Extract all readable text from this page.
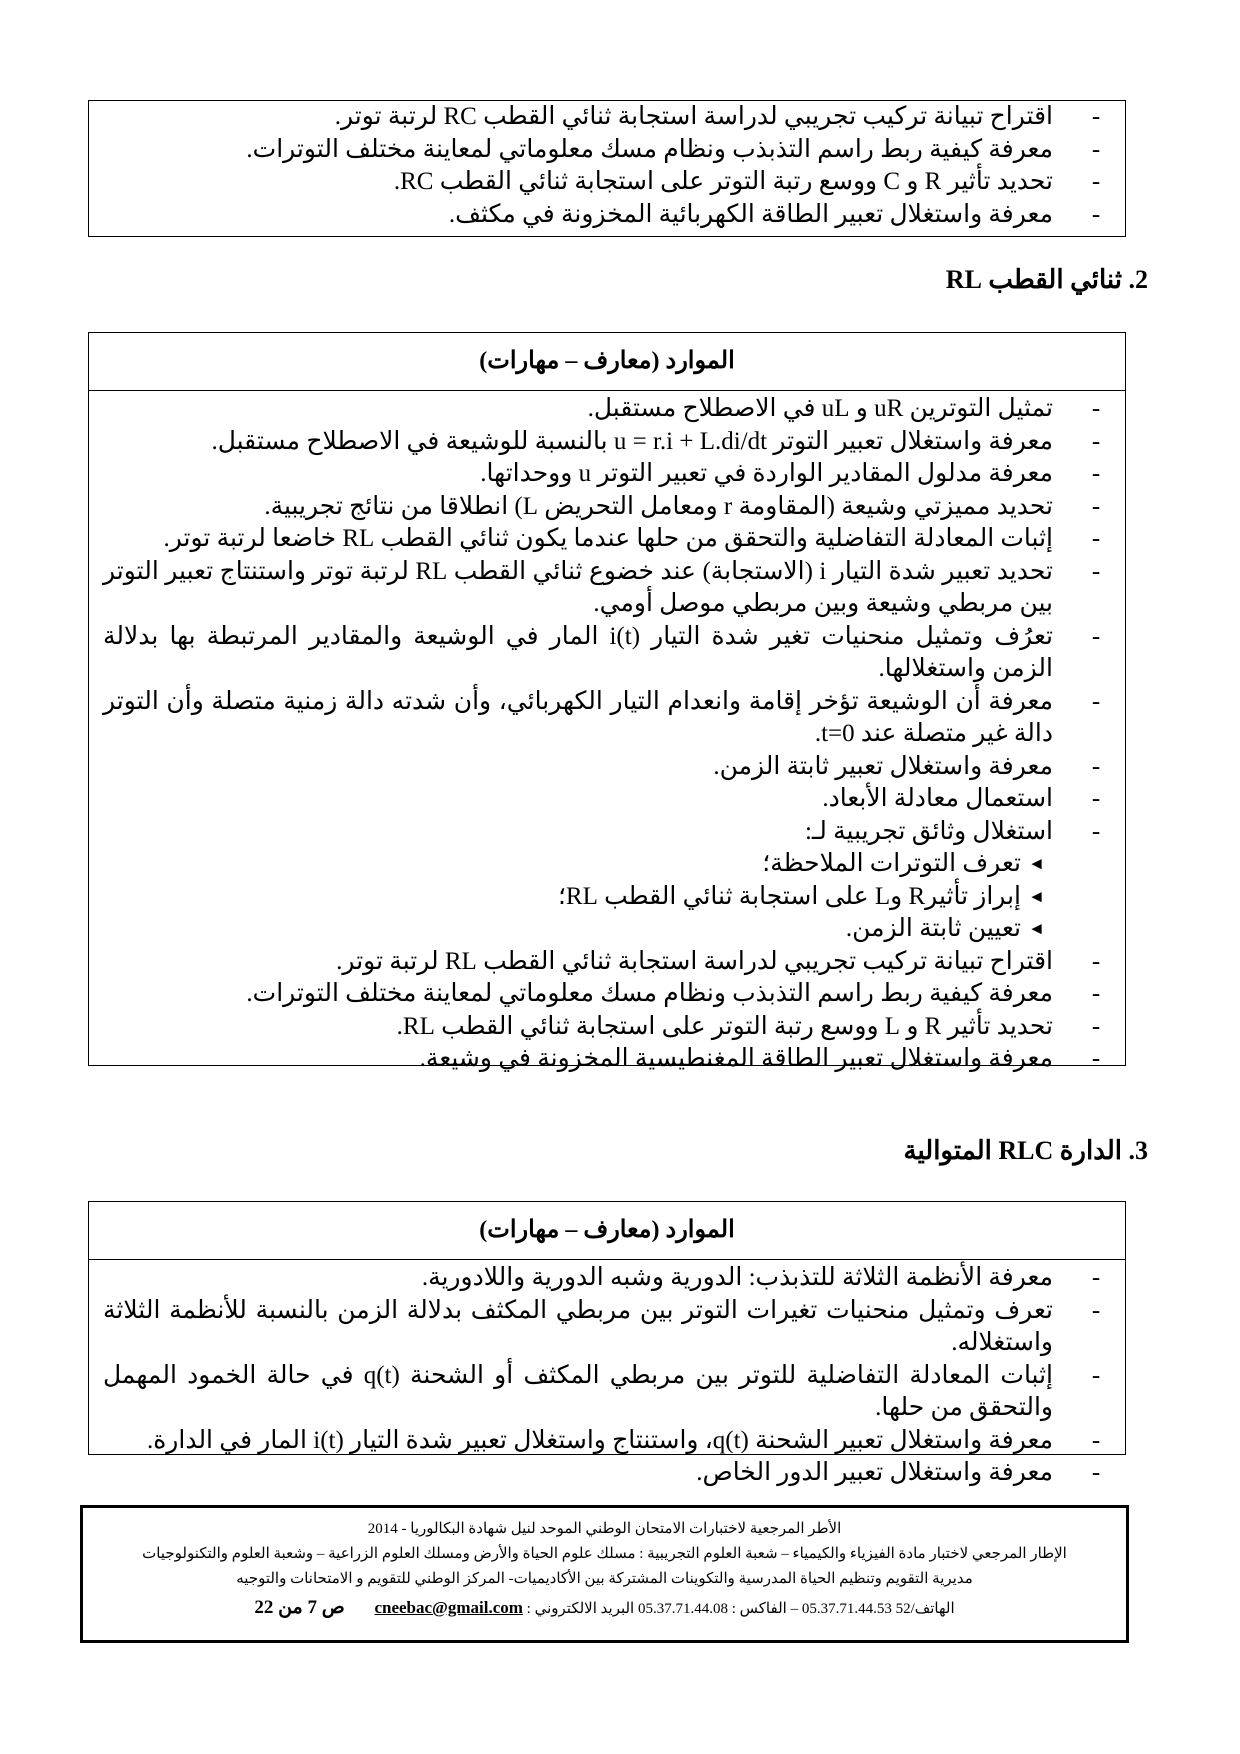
-
اقتراح تبيانة تركيب تجريبي لدراسة استجابة ثنائي القطب RC لرتبة توتر.
-
معرفة كيفية ربط راسم التذبذب ونظام مسك معلوماتي لمعاينة مختلف التوترات.
-
تحديد تأثير R و C ووسع رتبة التوتر على استجابة ثنائي القطب RC.
-
معرفة واستغلال تعبير الطاقة الكهربائية المخزونة في مكثف.
2. ثنائي القطب RL
الموارد (معارف – مهارات)
-
تمثيل التوترين uR و uL في الاصطلاح مستقبل.
-
معرفة واستغلال تعبير التوتر u = r.i + L.di/dt بالنسبة للوشيعة في الاصطلاح مستقبل.
-
معرفة مدلول المقادير الواردة في تعبير التوتر u ووحداتها.
-
تحديد مميزتي وشيعة (المقاومة r ومعامل التحريض L) انطلاقا من نتائج تجريبية.
-
إثبات المعادلة التفاضلية والتحقق من حلها عندما يكون ثنائي القطب RL خاضعا لرتبة توتر.
-
تحديد تعبير شدة التيار i (الاستجابة) عند خضوع ثنائي القطب RL لرتبة توتر واستنتاج تعبير التوتر بين مربطي وشيعة وبين مربطي موصل أومي.
-
تعرُف وتمثيل منحنيات تغير شدة التيار i(t) المار في الوشيعة والمقادير المرتبطة بها بدلالة الزمن واستغلالها.
-
معرفة أن الوشيعة تؤخر إقامة وانعدام التيار الكهربائي، وأن شدته دالة زمنية متصلة وأن التوتر دالة غير متصلة عند t=0.
-
معرفة واستغلال تعبير ثابتة الزمن.
-
استعمال معادلة الأبعاد.
-
استغلال وثائق تجريبية لـ:
◄
تعرف التوترات الملاحظة؛
◄
إبراز تأثيرR وL على استجابة ثنائي القطب RL؛
◄
تعيين ثابتة الزمن.
-
اقتراح تبيانة تركيب تجريبي لدراسة استجابة ثنائي القطب RL لرتبة توتر.
-
معرفة كيفية ربط راسم التذبذب ونظام مسك معلوماتي لمعاينة مختلف التوترات.
-
تحديد تأثير R و L ووسع رتبة التوتر على استجابة ثنائي القطب RL.
-
معرفة واستغلال تعبير الطاقة المغنطيسية المخزونة في وشيعة.
3. الدارة RLC المتوالية
الموارد (معارف – مهارات)
-
معرفة الأنظمة الثلاثة للتذبذب: الدورية وشبه الدورية واللادورية.
-
تعرف وتمثيل منحنيات تغيرات التوتر بين مربطي المكثف بدلالة الزمن بالنسبة للأنظمة الثلاثة واستغلاله.
-
إثبات المعادلة التفاضلية للتوتر بين مربطي المكثف أو الشحنة q(t) في حالة الخمود المهمل والتحقق من حلها.
-
معرفة واستغلال تعبير الشحنة q(t)، واستنتاج واستغلال تعبير شدة التيار i(t) المار في الدارة.
-
معرفة واستغلال تعبير الدور الخاص.
الأطر المرجعية لاختبارات الامتحان الوطني الموحد لنيل شهادة البكالوريا - 2014
الإطار المرجعي لاختبار مادة الفيزياء والكيمياء – شعبة العلوم التجريبية : مسلك علوم الحياة والأرض ومسلك العلوم الزراعية – وشعبة العلوم والتكنولوجيات
مديرية التقويم وتنظيم الحياة المدرسية والتكوينات المشتركة بين الأكاديميات- المركز الوطني للتقويم و الامتحانات والتوجيه
الهاتف/52 05.37.71.44.53 – الفاكس : 05.37.71.44.08 البريد الالكتروني : cneebac@gmail.com ص 7 من 22
